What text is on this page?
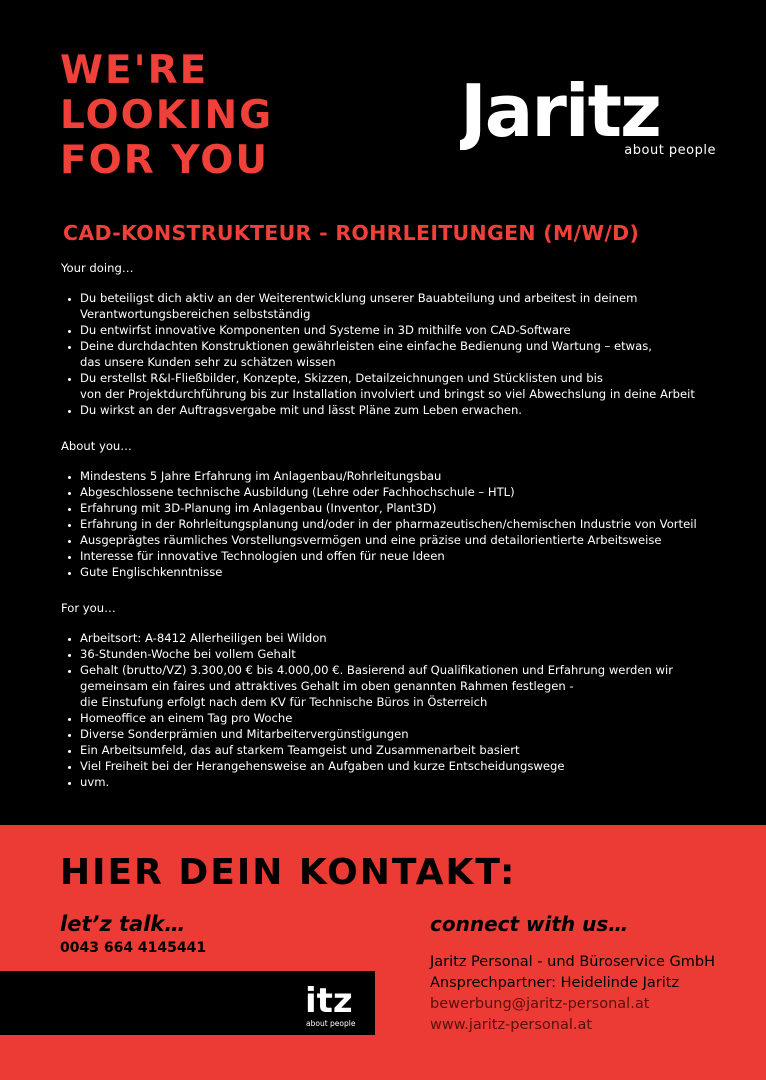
WE'RE
LOOKING
FOR YOU
Jaritz
about people
CAD-KONSTRUKTEUR - ROHRLEITUNGEN (M/W/D)
Your doing…
• Du beteiligst dich aktiv an der Weiterentwicklung unserer Bauabteilung und arbeitest in deinem
Verantwortungsbereichen selbstständig
• Du entwirfst innovative Komponenten und Systeme in 3D mithilfe von CAD-Software
• Deine durchdachten Konstruktionen gewährleisten eine einfache Bedienung und Wartung – etwas,
das unsere Kunden sehr zu schätzen wissen
• Du erstellst R&I-Fließbilder, Konzepte, Skizzen, Detailzeichnungen und Stücklisten und bis
von der Projektdurchführung bis zur Installation involviert und bringst so viel Abwechslung in deine Arbeit
• Du wirkst an der Auftragsvergabe mit und lässt Pläne zum Leben erwachen.
About you…
• Mindestens 5 Jahre Erfahrung im Anlagenbau/Rohrleitungsbau
• Abgeschlossene technische Ausbildung (Lehre oder Fachhochschule – HTL)
• Erfahrung mit 3D-Planung im Anlagenbau (Inventor, Plant3D)
• Erfahrung in der Rohrleitungsplanung und/oder in der pharmazeutischen/chemischen Industrie von Vorteil
• Ausgeprägtes räumliches Vorstellungsvermögen und eine präzise und detailorientierte Arbeitsweise
• Interesse für innovative Technologien und offen für neue Ideen
• Gute Englischkenntnisse
For you…
• Arbeitsort: A-8412 Allerheiligen bei Wildon
• 36-Stunden-Woche bei vollem Gehalt
• Gehalt (brutto/VZ) 3.300,00 € bis 4.000,00 €. Basierend auf Qualifikationen und Erfahrung werden wir
gemeinsam ein faires und attraktives Gehalt im oben genannten Rahmen festlegen -
die Einstufung erfolgt nach dem KV für Technische Büros in Österreich
• Homeoffice an einem Tag pro Woche
• Diverse Sonderprämien und Mitarbeitervergünstigungen
• Ein Arbeitsumfeld, das auf starkem Teamgeist und Zusammenarbeit basiert
• Viel Freiheit bei der Herangehensweise an Aufgaben und kurze Entscheidungswege
• uvm.
HIER DEIN KONTAKT:
let’z talk…
0043 664 4145441
connect with us…
Jaritz Personal - und Büroservice GmbH
Ansprechpartner: Heidelinde Jaritz
bewerbung@jaritz-personal.at
www.jaritz-personal.at
itz
about people
